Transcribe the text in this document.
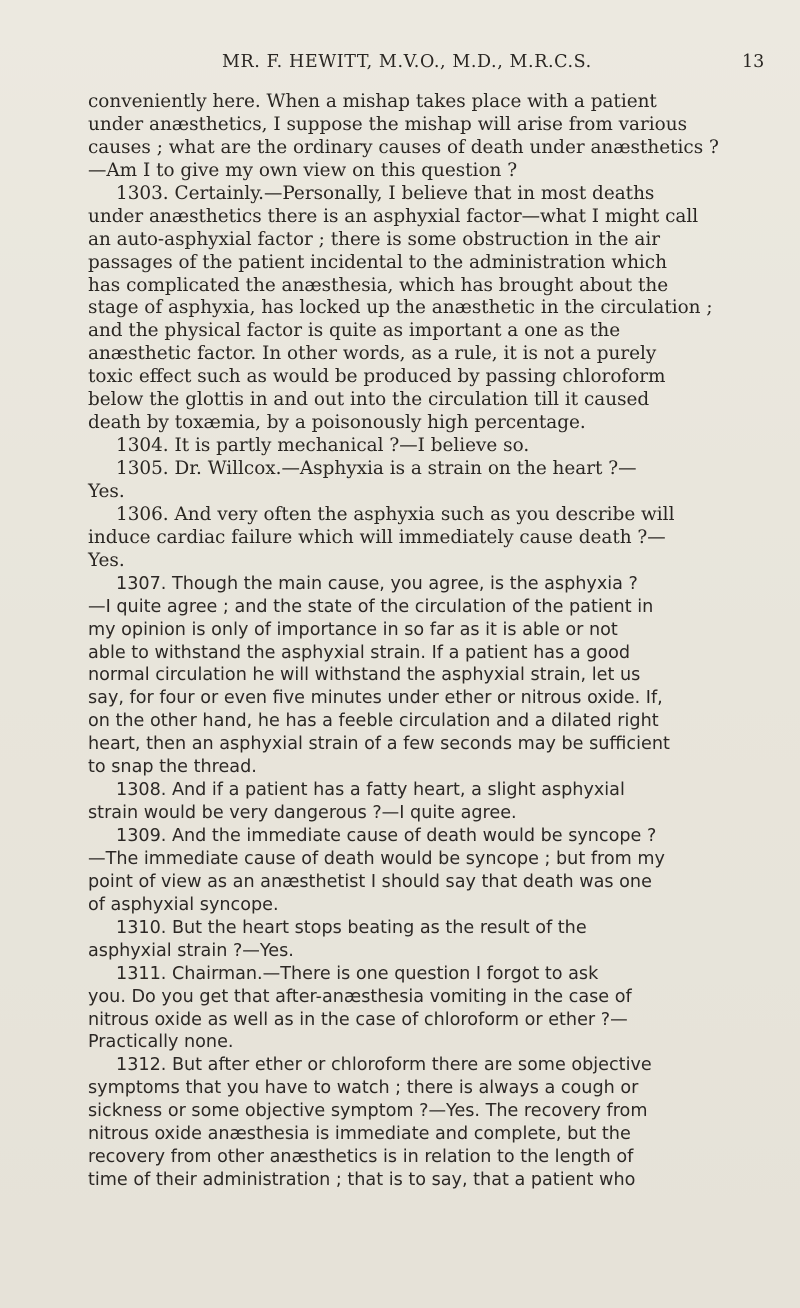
MR. F. HEWITT, M.V.O., M.D., M.R.C.S.	13
conveniently here. When a mishap takes place with a patient
under anæsthetics, I suppose the mishap will arise from various
causes ; what are the ordinary causes of death under anæsthetics ?
—Am I to give my own view on this question ?
1303. Certainly.—Personally, I believe that in most deaths
under anæsthetics there is an asphyxial factor—what I might call
an auto-asphyxial factor ; there is some obstruction in the air
passages of the patient incidental to the administration which
has complicated the anæsthesia, which has brought about the
stage of asphyxia, has locked up the anæsthetic in the circulation ;
and the physical factor is quite as important a one as the
anæsthetic factor. In other words, as a rule, it is not a purely
toxic effect such as would be produced by passing chloroform
below the glottis in and out into the circulation till it caused
death by toxæmia, by a poisonously high percentage.
1304. It is partly mechanical ?—I believe so.
1305. Dr. Willcox.—Asphyxia is a strain on the heart ?—
Yes.
1306. And very often the asphyxia such as you describe will
induce cardiac failure which will immediately cause death ?—
Yes.
1307. Though the main cause, you agree, is the asphyxia ?
—I quite agree ; and the state of the circulation of the patient in
my opinion is only of importance in so far as it is able or not
able to withstand the asphyxial strain. If a patient has a good
normal circulation he will withstand the asphyxial strain, let us
say, for four or even five minutes under ether or nitrous oxide. If,
on the other hand, he has a feeble circulation and a dilated right
heart, then an asphyxial strain of a few seconds may be sufficient
to snap the thread.
1308. And if a patient has a fatty heart, a slight asphyxial
strain would be very dangerous ?—I quite agree.
1309. And the immediate cause of death would be syncope ?
—The immediate cause of death would be syncope ; but from my
point of view as an anæsthetist I should say that death was one
of asphyxial syncope.
1310. But the heart stops beating as the result of the
asphyxial strain ?—Yes.
1311. Chairman.—There is one question I forgot to ask
you. Do you get that after-anæsthesia vomiting in the case of
nitrous oxide as well as in the case of chloroform or ether ?—
Practically none.
1312. But after ether or chloroform there are some objective
symptoms that you have to watch ; there is always a cough or
sickness or some objective symptom ?—Yes. The recovery from
nitrous oxide anæsthesia is immediate and complete, but the
recovery from other anæsthetics is in relation to the length of
time of their administration ; that is to say, that a patient who
